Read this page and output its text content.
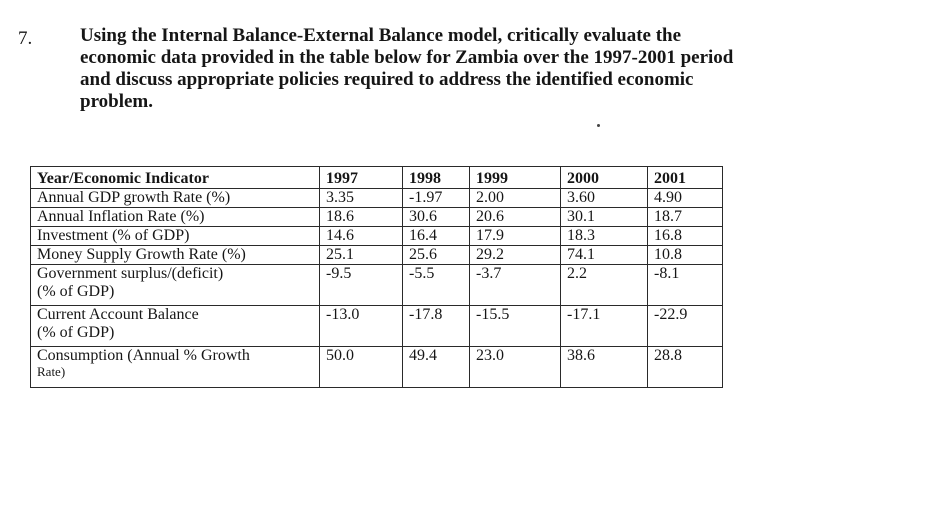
7.	Using the Internal Balance-External Balance model, critically evaluate the
economic data provided in the table below for Zambia over the 1997-2001 period
and discuss appropriate policies required to address the identified economic
problem.
Year/Economic Indicator	1997	1998	1999	2000	2001
Annual GDP growth Rate (%)	3.35	-1.97	2.00	3.60	4.90
Annual Inflation Rate (%)	18.6	30.6	20.6	30.1	18.7
Investment (% of GDP)	14.6	16.4	17.9	18.3	16.8
Money Supply Growth Rate (%)	25.1	25.6	29.2	74.1	10.8

Government surplus/(deficit)
(% of GDP)	-9.5	-5.5	-3.7	2.2	-8.1

Current Account Balance
(% of GDP)	-13.0	-17.8	-15.5	-17.1	-22.9

Consumption (Annual % Growth
Rate)	50.0	49.4	23.0	38.6	28.8
